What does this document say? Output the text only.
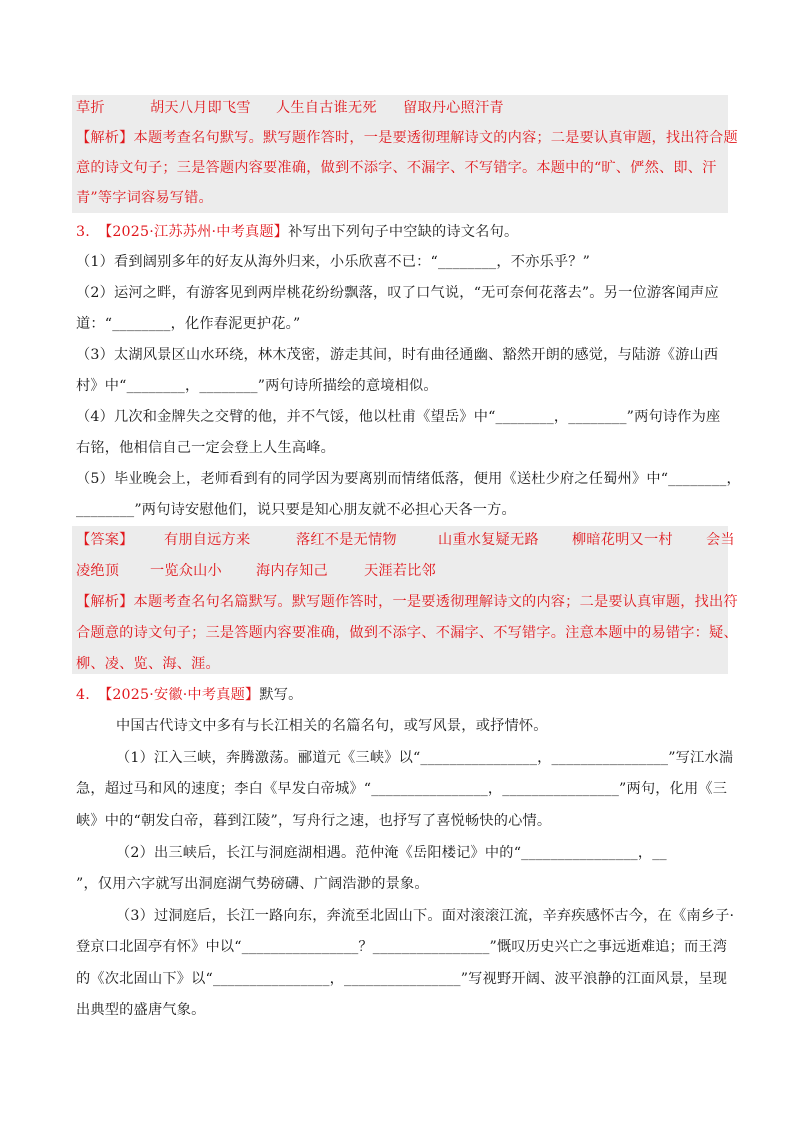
草折	胡天八月即飞雪 人生自古谁无死 留取丹心照汗青
【解析】本题考查名句默写。默写题作答时，一是要透彻理解诗文的内容；二是要认真审题，找出符合题
意的诗文句子；三是答题内容要准确，做到不添字、不漏字、不写错字。本题中的“旷、俨然、即、汗
青”等字词容易写错。
3. 【2025·江苏苏州·中考真题】补写出下列句子中空缺的诗文名句。
（1）看到阔别多年的好友从海外归来，小乐欣喜不已：“________，不亦乐乎？”
（2）运河之畔，有游客见到两岸桃花纷纷飘落，叹了口气说，“无可奈何花落去”。另一位游客闻声应
道：“________，化作春泥更护花。”
（3）太湖风景区山水环绕，林木茂密，游走其间，时有曲径通幽、豁然开朗的感觉，与陆游《游山西
村》中“________，________”两句诗所描绘的意境相似。
（4）几次和金牌失之交臂的他，并不气馁，他以杜甫《望岳》中“________，________”两句诗作为座
右铭，他相信自己一定会登上人生高峰。
（5）毕业晚会上，老师看到有的同学因为要离别而情绪低落，便用《送杜少府之任蜀州》中“________，
________”两句诗安慰他们，说只要是知心朋友就不必担心天各一方。
【答案】 有朋自远方来	落红不是无情物	山重水复疑无路 柳暗花明又一村 会当
凌绝顶 一览众山小 海内存知己	天涯若比邻
【解析】本题考查名句名篇默写。默写题作答时，一是要透彻理解诗文的内容；二是要认真审题，找出符
合题意的诗文句子；三是答题内容要准确，做到不添字、不漏字、不写错字。注意本题中的易错字：疑、
柳、凌、览、海、涯。
4. 【2025·安徽·中考真题】默写。
中国古代诗文中多有与长江相关的名篇名句，或写风景，或抒情怀。
（1）江入三峡，奔腾激荡。郦道元《三峡》以“________________，________________”写江水湍
急，超过马和风的速度；李白《早发白帝城》“________________，________________”两句，化用《三
峡》中的“朝发白帝，暮到江陵”，写舟行之速，也抒写了喜悦畅快的心情。
（2）出三峡后，长江与洞庭湖相遇。范仲淹《岳阳楼记》中的“________________，__
”，仅用六字就写出洞庭湖气势磅礴、广阔浩渺的景象。
（3）过洞庭后，长江一路向东，奔流至北固山下。面对滚滚江流，辛弃疾感怀古今，在《南乡子·
登京口北固亭有怀》中以“________________？________________”慨叹历史兴亡之事远逝难追；而王湾
的《次北固山下》以“________________，________________”写视野开阔、波平浪静的江面风景，呈现
出典型的盛唐气象。
